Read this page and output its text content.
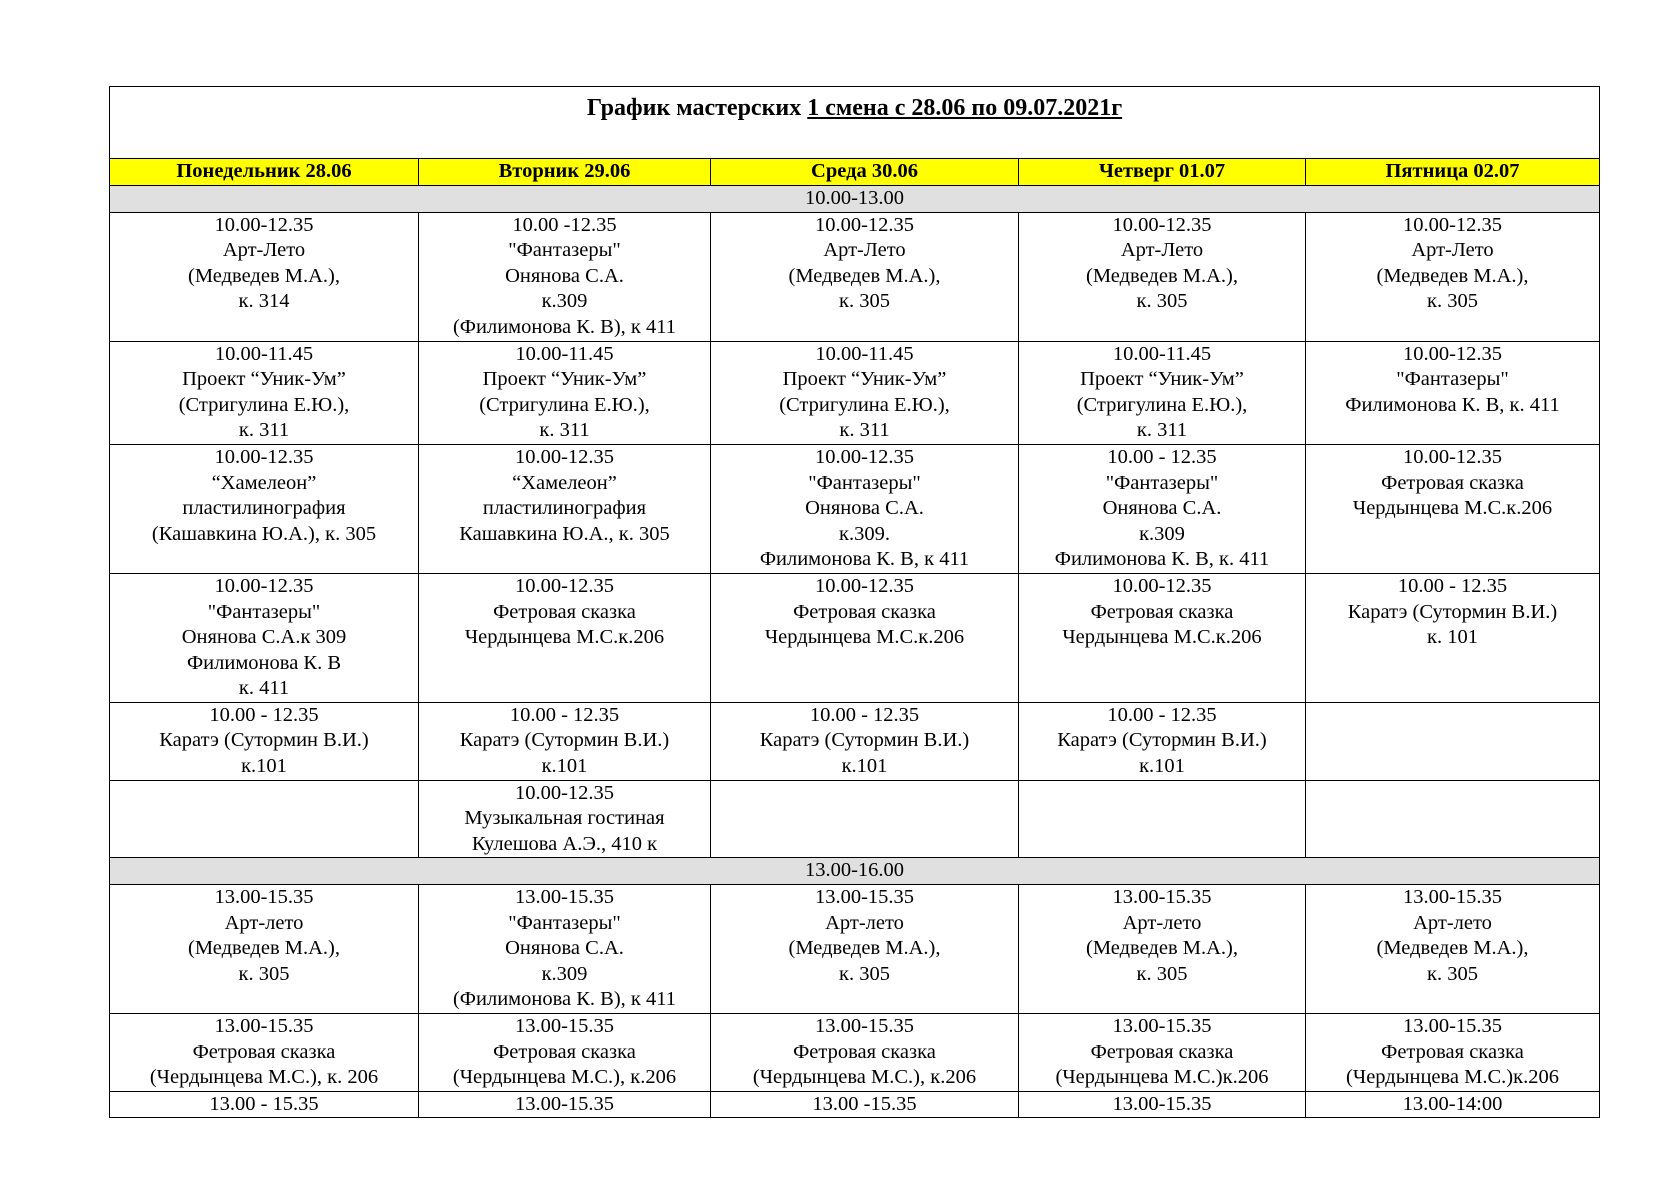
График мастерских 1 смена с 28.06 по 09.07.2021г				
Понедельник 28.06	Вторник 29.06	Среда 30.06	Четверг 01.07	Пятница 02.07
10.00-13.00				

10.00-12.35
Арт-Лето
(Медведев М.А.),
к. 314	10.00 -12.35
"Фантазеры"
Онянова С.А.
к.309
(Филимонова К. В), к 411	10.00-12.35
Арт-Лето
(Медведев М.А.),
к. 305	10.00-12.35
Арт-Лето
(Медведев М.А.),
к. 305	10.00-12.35
Арт-Лето
(Медведев М.А.),
к. 305

10.00-11.45
Проект “Уник-Ум”
(Стригулина Е.Ю.),
к. 311	10.00-11.45
Проект “Уник-Ум”
(Стригулина Е.Ю.),
к. 311	10.00-11.45
Проект “Уник-Ум”
(Стригулина Е.Ю.),
к. 311	10.00-11.45
Проект “Уник-Ум”
(Стригулина Е.Ю.),
к. 311	10.00-12.35
"Фантазеры"
Филимонова К. В, к. 411

10.00-12.35
“Хамелеон”
пластилинография
(Кашавкина Ю.А.), к. 305	10.00-12.35
“Хамелеон”
пластилинография
Кашавкина Ю.А., к. 305	10.00-12.35
"Фантазеры"
Онянова С.А.
к.309.
Филимонова К. В, к 411	10.00 - 12.35
"Фантазеры"
Онянова С.А.
к.309
Филимонова К. В, к. 411	10.00-12.35
Фетровая сказка
Чердынцева М.С.к.206

10.00-12.35
"Фантазеры"
Онянова С.А.к 309
Филимонова К. В
к. 411	10.00-12.35
Фетровая сказка
Чердынцева М.С.к.206	10.00-12.35
Фетровая сказка
Чердынцева М.С.к.206	10.00-12.35
Фетровая сказка
Чердынцева М.С.к.206	10.00 - 12.35
Каратэ (Сутормин В.И.)
к. 101

10.00 - 12.35
Каратэ (Сутормин В.И.)
к.101	10.00 - 12.35
Каратэ (Сутормин В.И.)
к.101	10.00 - 12.35
Каратэ (Сутормин В.И.)
к.101	10.00 - 12.35
Каратэ (Сутормин В.И.)
к.101	

	10.00-12.35
Музыкальная гостиная
Кулешова А.Э., 410 к			

13.00-16.00				

13.00-15.35
Арт-лето
(Медведев М.А.),
к. 305	13.00-15.35
"Фантазеры"
Онянова С.А.
к.309
(Филимонова К. В), к 411	13.00-15.35
Арт-лето
(Медведев М.А.),
к. 305	13.00-15.35
Арт-лето
(Медведев М.А.),
к. 305	13.00-15.35
Арт-лето
(Медведев М.А.),
к. 305

13.00-15.35
Фетровая сказка
(Чердынцева М.С.), к. 206	13.00-15.35
Фетровая сказка
(Чердынцева М.С.), к.206	13.00-15.35
Фетровая сказка
(Чердынцева М.С.), к.206	13.00-15.35
Фетровая сказка
(Чердынцева М.С.)к.206	13.00-15.35
Фетровая сказка
(Чердынцева М.С.)к.206

13.00 - 15.35	13.00-15.35	13.00 -15.35	13.00-15.35	13.00-14:00
